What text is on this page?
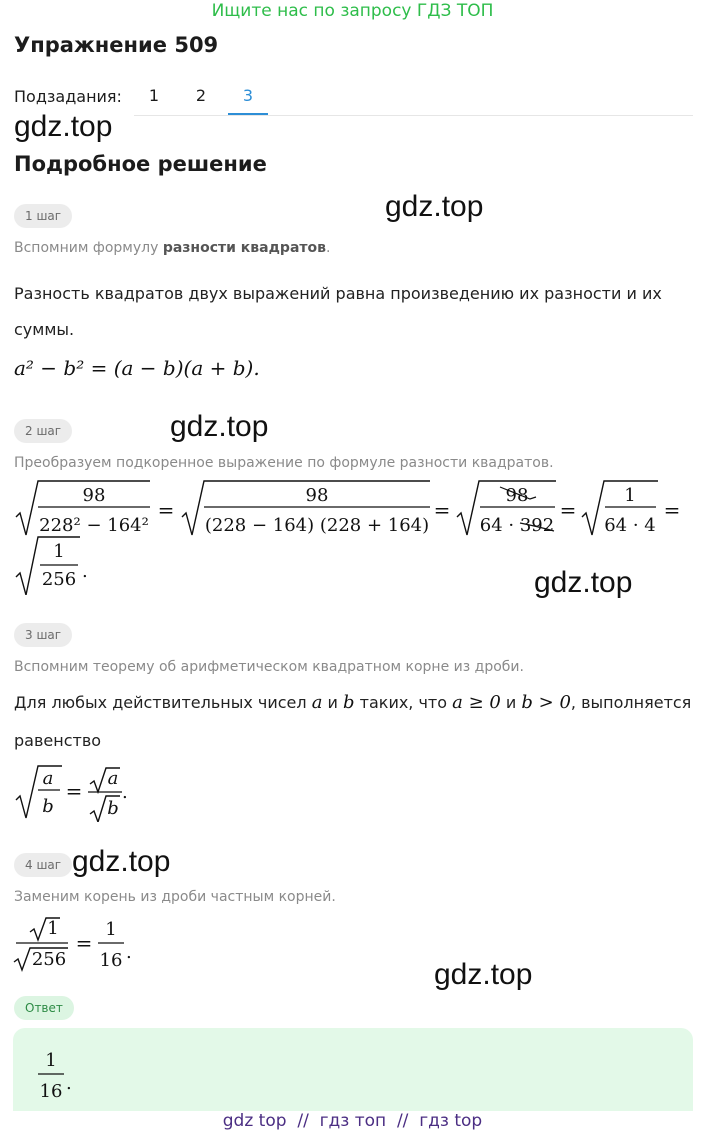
Ищите нас по запросу ГДЗ ТОП
Упражнение 509
Подзадания:	1	2	3
gdz.top
Подробное решение
gdz.top
1 шаг
Вспомним формулу разности квадратов.
Разность квадратов двух выражений равна произведению их разности и их суммы.
a² − b² = (a − b)(a + b).
2 шаг	gdz.top
Преобразуем подкоренное выражение по формуле разности квадратов.
98
228² − 164²
=
98
(228 − 164) (228 + 164)
=
98
64 · 392
=
1
64 · 4
=
1
256 .	gdz.top
3 шаг
Вспомним теорему об арифметическом квадратном корне из дроби.
Для любых действительных чисел a и b таких, что a ≥ 0 и b > 0, выполняется
равенство
a
b
=
a
b
.
4 шаг gdz.top
Заменим корень из дроби частным корней.
1
256
=
1
16 .
gdz.top
Ответ
1
16 .
gdz top  //  гдз топ  //  гдз top
